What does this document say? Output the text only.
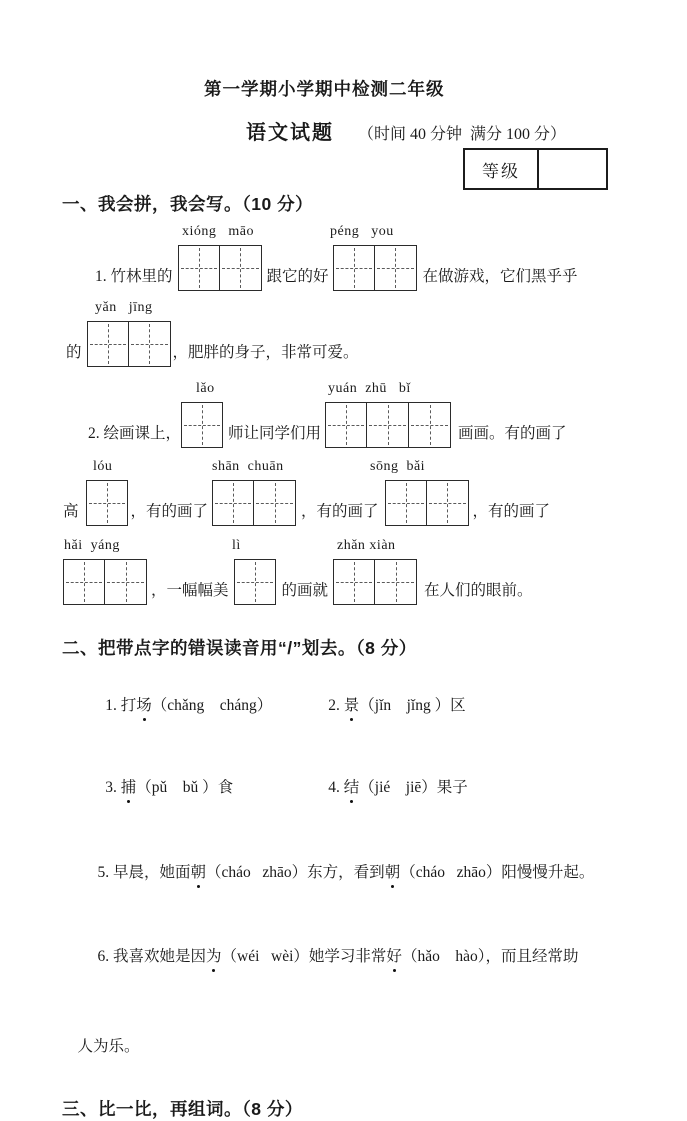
第一学期小学期中检测二年级
语文试题 （时间 40 分钟  满分 100 分）
等级
一、我会拼，我会写。（10 分）
xióng   māo	péng   you
1. 竹林里的	跟它的好	在做游戏，它们黑乎乎
yǎn   jīng
的	，肥胖的身子，非常可爱。
lǎo	yuán  zhū   bǐ
2. 绘画课上，	师让同学们用	画画。有的画了
lóu	shān  chuān	sōng  bǎi
高	，有的画了	，有的画了	，有的画了
hǎi  yáng	lì	zhǎn xiàn
，一幅幅美	的画就	在人们的眼前。
二、把带点字的错误读音用“/”划去。（8 分）

1. 打场（chǎng    cháng）
	2. 景（jǐn    jǐng ）区

3. 捕（pǔ    bǔ ）食
	4. 结（jié    jiē）果子

5. 早晨，她面朝（cháo   zhāo）东方，看到朝（cháo   zhāo）阳慢慢升起。

6. 我喜欢她是因为（wéi   wèi）她学习非常好（hǎo    hào），而且经常助

人为乐。

三、比一比，再组词。（8 分）
